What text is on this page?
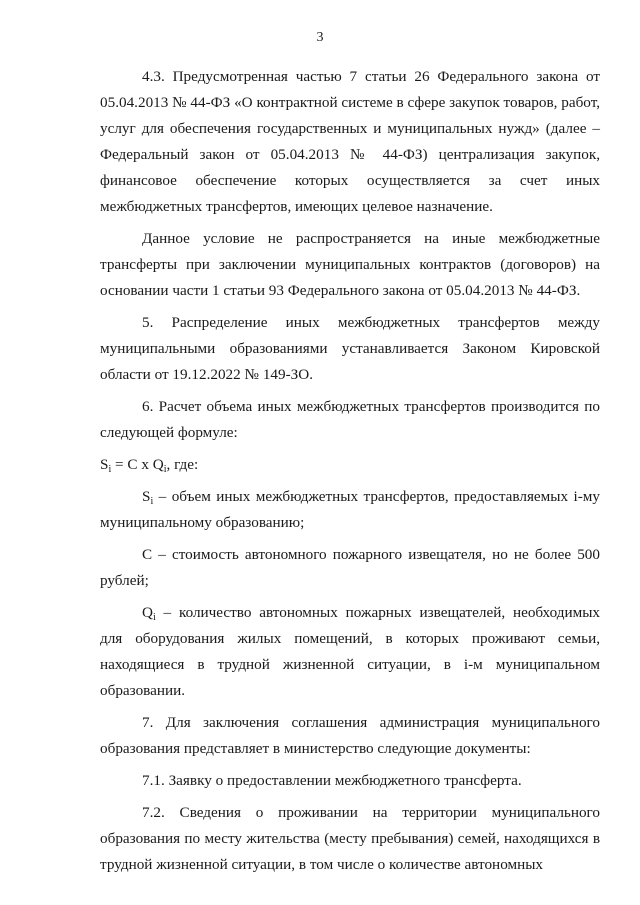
3

4.3. Предусмотренная частью 7 статьи 26 Федерального закона от 05.04.2013 № 44-ФЗ «О контрактной системе в сфере закупок товаров, работ, услуг для обеспечения государственных и муниципальных нужд» (далее – Федеральный закон от 05.04.2013 № 44-ФЗ) централизация закупок, финансовое обеспечение которых осуществляется за счет иных межбюджетных трансфертов, имеющих целевое назначение.

Данное условие не распространяется на иные межбюджетные трансферты при заключении муниципальных контрактов (договоров) на основании части 1 статьи 93 Федерального закона от 05.04.2013 № 44-ФЗ.

5. Распределение иных межбюджетных трансфертов между муниципальными образованиями устанавливается Законом Кировской области от 19.12.2022 № 149-ЗО.

6. Расчет объема иных межбюджетных трансфертов производится по следующей формуле:

$S_i = C$ x $Q_i$, где:

$S_i$ – объем иных межбюджетных трансфертов, предоставляемых i-му муниципальному образованию;

С – стоимость автономного пожарного извещателя, но не более 500 рублей;

$Q_i$ – количество автономных пожарных извещателей, необходимых для оборудования жилых помещений, в которых проживают семьи, находящиеся в трудной жизненной ситуации, в i-м муниципальном образовании.

7. Для заключения соглашения администрация муниципального образования представляет в министерство следующие документы:

7.1. Заявку о предоставлении межбюджетного трансферта.

7.2. Сведения о проживании на территории муниципального образования по месту жительства (месту пребывания) семей, находящихся в трудной жизненной ситуации, в том числе о количестве автономных
